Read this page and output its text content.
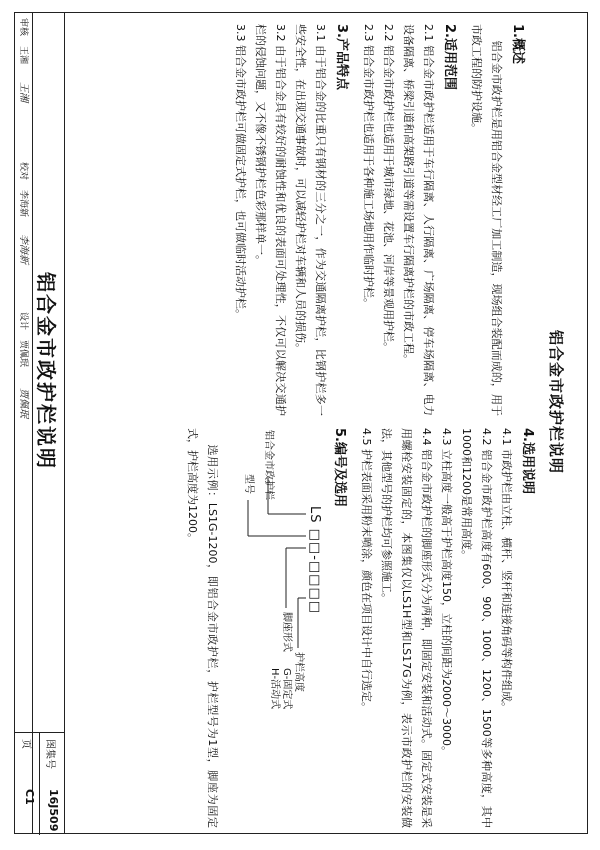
铝合金市政护栏说明
1.概述
铝合金市政护栏是用铝合金型材经工厂加工制造，现场组合装配而成的，用于市政工程的防护设施。
2.适用范围
2.1 铝合金市政护栏适用于车行隔离、人行隔离、广场隔离、停车场隔离、电力设备隔离、桥梁引道和高架路引道等需设置车行隔离护栏的市政工程。
2.2 铝合金市政护栏也适用于城市绿地、花池、河岸等景观用护栏。
2.3 铝合金市政护栏也适用于各种施工场地用作临时护栏。
3.产品特点
3.1 由于铝合金的比重只有钢材的三分之一，作为交通隔离护栏，比钢护栏多一些安全性，在出现交通事故时，可以减轻护栏对车辆和人员的损伤。
3.2 由于铝合金具有较好的耐蚀性和优良的表面可处理性，不仅可以解决交通护栏的侵蚀问题，又不像不锈钢护栏色彩那样单一。
3.3 铝合金市政护栏可做固定式护栏，也可做临时活动护栏。
4.选用说明
4.1 市政护栏由立柱、横杆、竖杆和连接角码等构件组成。
4.2 铝合金市政护栏高度有600、900、1000、1200、1500等多种高度，其中1000和1200是常用高度。
4.3 立柱高度一般高于护栏高度150，立柱的间距为2000～3000。
4.4 铝合金市政护栏的脚座形式分为两种，即固定安装和活动式。固定式安装是采用螺栓安装固定的，本图集仅以LS1H型和LS17G为例，表示市政护栏的安装做法，其他型号的护栏均可参照施工。
4.5 护栏表面采用粉末喷涂，颜色在项目设计中自行选定。
5.编号及选用
LS □□-□□□□
铝合金市政护栏
型号
脚座形式
G-固定式
H-活动式	护栏高度
选用示例：LS1G-1200，即铝合金市政护栏，护栏型号为1型，脚座为固定式，护栏高度为1200。
铝合金市政护栏说明
审核
王湘
王湘
校对
李海新
李海新
设计
贾佩珉
贾佩珉
图集号
16J509
页
C1
